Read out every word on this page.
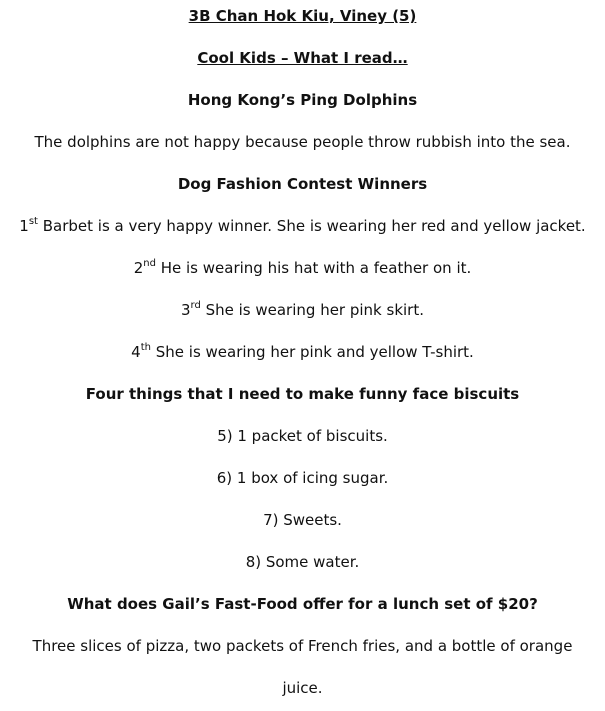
3B Chan Hok Kiu, Viney (5)
Cool Kids – What I read…
Hong Kong’s Ping Dolphins
The dolphins are not happy because people throw rubbish into the sea.
Dog Fashion Contest Winners
1st Barbet is a very happy winner. She is wearing her red and yellow jacket.
2nd He is wearing his hat with a feather on it.
3rd She is wearing her pink skirt.
4th She is wearing her pink and yellow T-shirt.
Four things that I need to make funny face biscuits
5) 1 packet of biscuits.
6) 1 box of icing sugar.
7) Sweets.
8) Some water.
What does Gail’s Fast-Food offer for a lunch set of $20?
Three slices of pizza, two packets of French fries, and a bottle of orange
juice.
